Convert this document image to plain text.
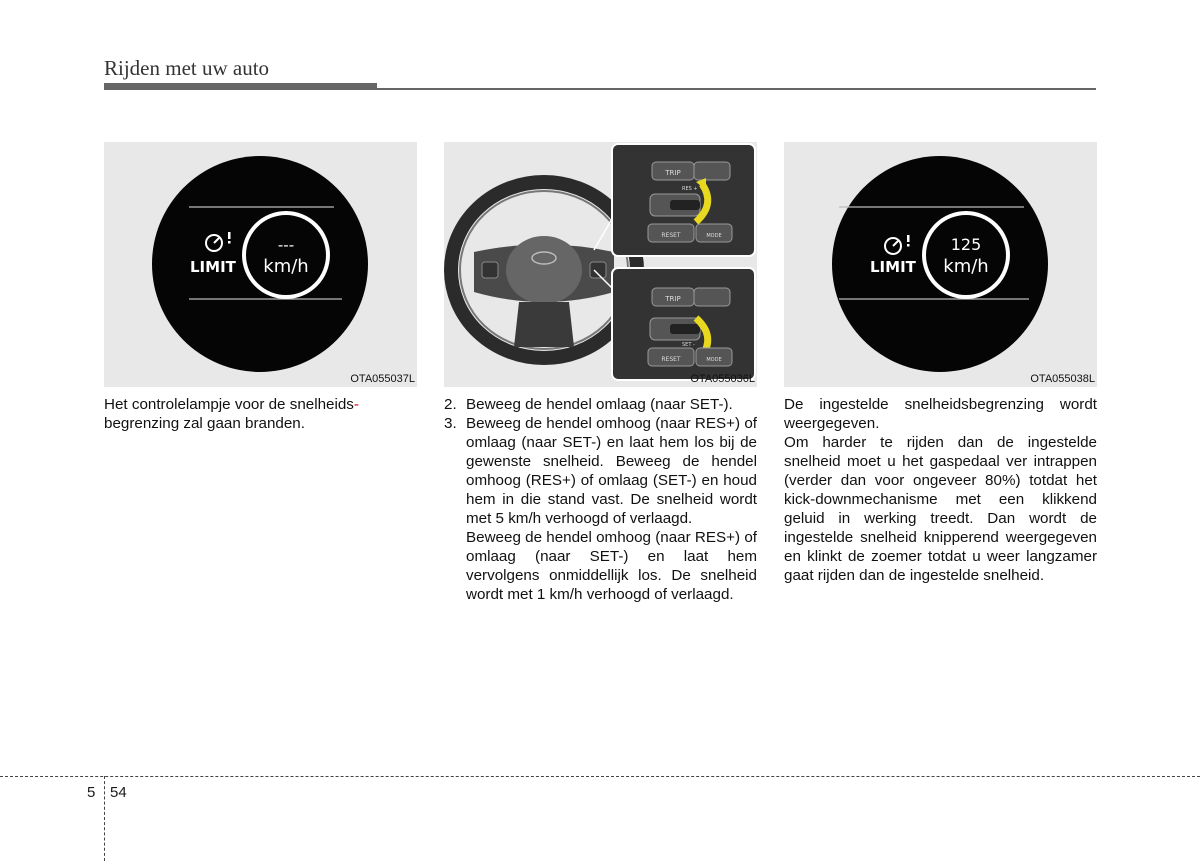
Rijden met uw auto
LIMIT
---
km/h
OTA055037L
TRIP
RES +
RESET	MODE
TRIP
SET -
RESET	MODE
OTA055036L
LIMIT
125
km/h
OTA055038L

Het controlelampje voor de snelheids-
begrenzing zal gaan branden.

2. Beweeg de hendel omlaag (naar SET-).
3. Beweeg de hendel omhoog (naar RES+) of omlaag (naar SET-) en laat hem los bij de gewenste snelheid. Beweeg de hendel omhoog (RES+) of omlaag (SET-) en houd hem in die stand vast. De snelheid wordt met 5 km/h verhoogd of verlaagd.
Beweeg de hendel omhoog (naar RES+) of omlaag (naar SET-) en laat hem vervolgens onmiddellijk los. De snelheid wordt met 1 km/h verhoogd of verlaagd.

De ingestelde snelheidsbegrenzing wordt weergegeven.

Om harder te rijden dan de ingestelde snelheid moet u het gaspedaal ver intrappen (verder dan voor ongeveer 80%) totdat het kick-downmechanisme met een klikkend geluid in werking treedt. Dan wordt de ingestelde snelheid knipperend weergegeven en klinkt de zoemer totdat u weer langzamer gaat rijden dan de ingestelde snelheid.

5 54
